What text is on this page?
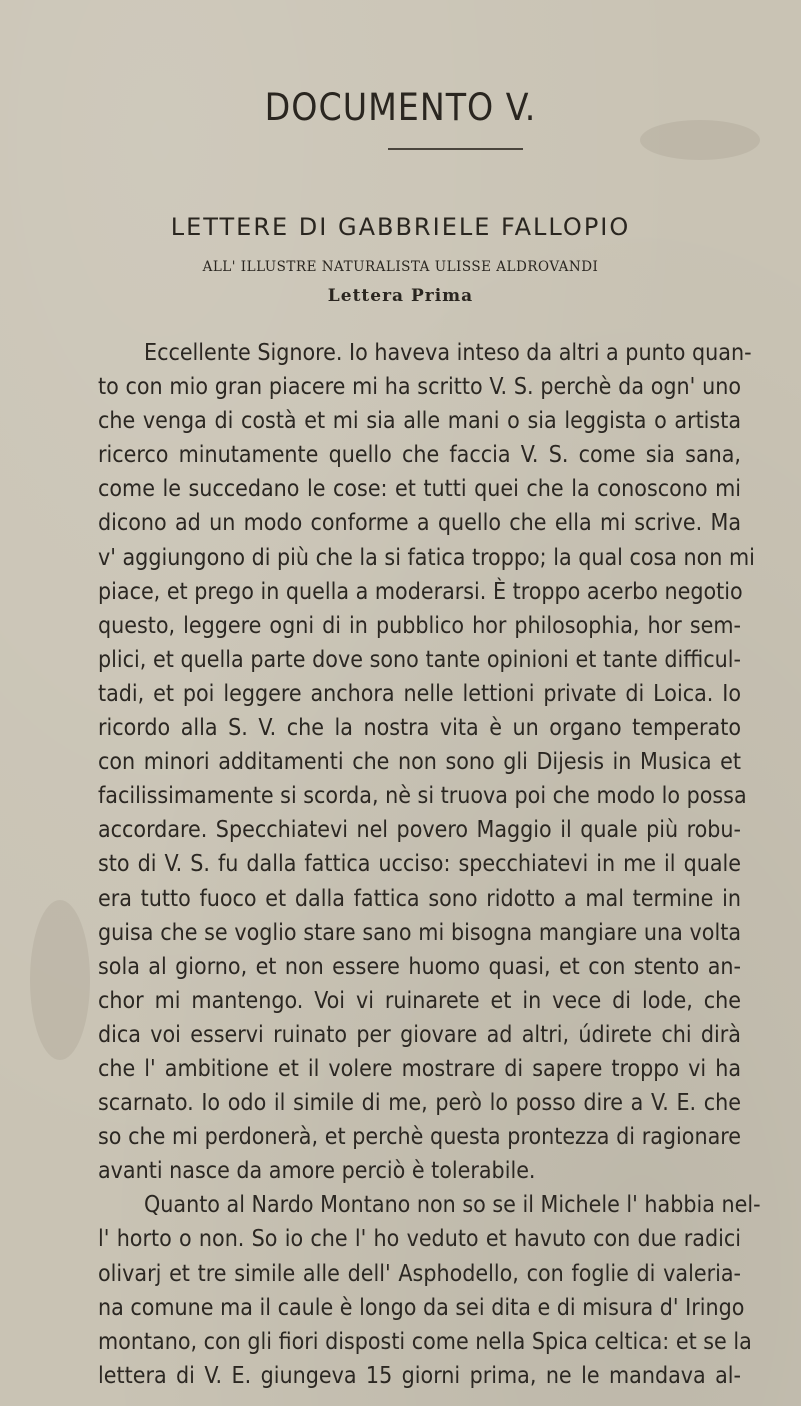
DOCUMENTO V.
LETTERE DI GABBRIELE FALLOPIO
ALL' ILLUSTRE NATURALISTA ULISSE ALDROVANDI
Lettera Prima
Eccellente Signore. Io haveva inteso da altri a punto quan-
to con mio gran piacere mi ha scritto V. S. perchè da ogn' uno
che venga di costà et mi sia alle mani o sia leggista o artista
ricerco minutamente quello che faccia V. S. come sia sana,
come le succedano le cose: et tutti quei che la conoscono mi
dicono ad un modo conforme a quello che ella mi scrive. Ma
v' aggiungono di più che la si fatica troppo; la qual cosa non mi
piace, et prego in quella a moderarsi. È troppo acerbo negotio
questo, leggere ogni di in pubblico hor philosophia, hor sem-
plici, et quella parte dove sono tante opinioni et tante difficul-
tadi, et poi leggere anchora nelle lettioni private di Loica. Io
ricordo alla S. V. che la nostra vita è un organo temperato
con minori additamenti che non sono gli Dijesis in Musica et
facilissimamente si scorda, nè si truova poi che modo lo possa
accordare. Specchiatevi nel povero Maggio il quale più robu-
sto di V. S. fu dalla fattica ucciso: specchiatevi in me il quale
era tutto fuoco et dalla fattica sono ridotto a mal termine in
guisa che se voglio stare sano mi bisogna mangiare una volta
sola al giorno, et non essere huomo quasi, et con stento an-
chor mi mantengo. Voi vi ruinarete et in vece di lode, che
dica voi esservi ruinato per giovare ad altri, údirete chi dirà
che l' ambitione et il volere mostrare di sapere troppo vi ha
scarnato. Io odo il simile di me, però lo posso dire a V. E. che
so che mi perdonerà, et perchè questa prontezza di ragionare
avanti nasce da amore perciò è tolerabile.
Quanto al Nardo Montano non so se il Michele l' habbia nel-
l' horto o non. So io che l' ho veduto et havuto con due radici
olivarj et tre simile alle dell' Asphodello, con foglie di valeria-
na comune ma il caule è longo da sei dita e di misura d' Iringo
montano, con gli fiori disposti come nella Spica celtica: et se la
lettera di V. E. giungeva 15 giorni prima, ne le mandava al-
